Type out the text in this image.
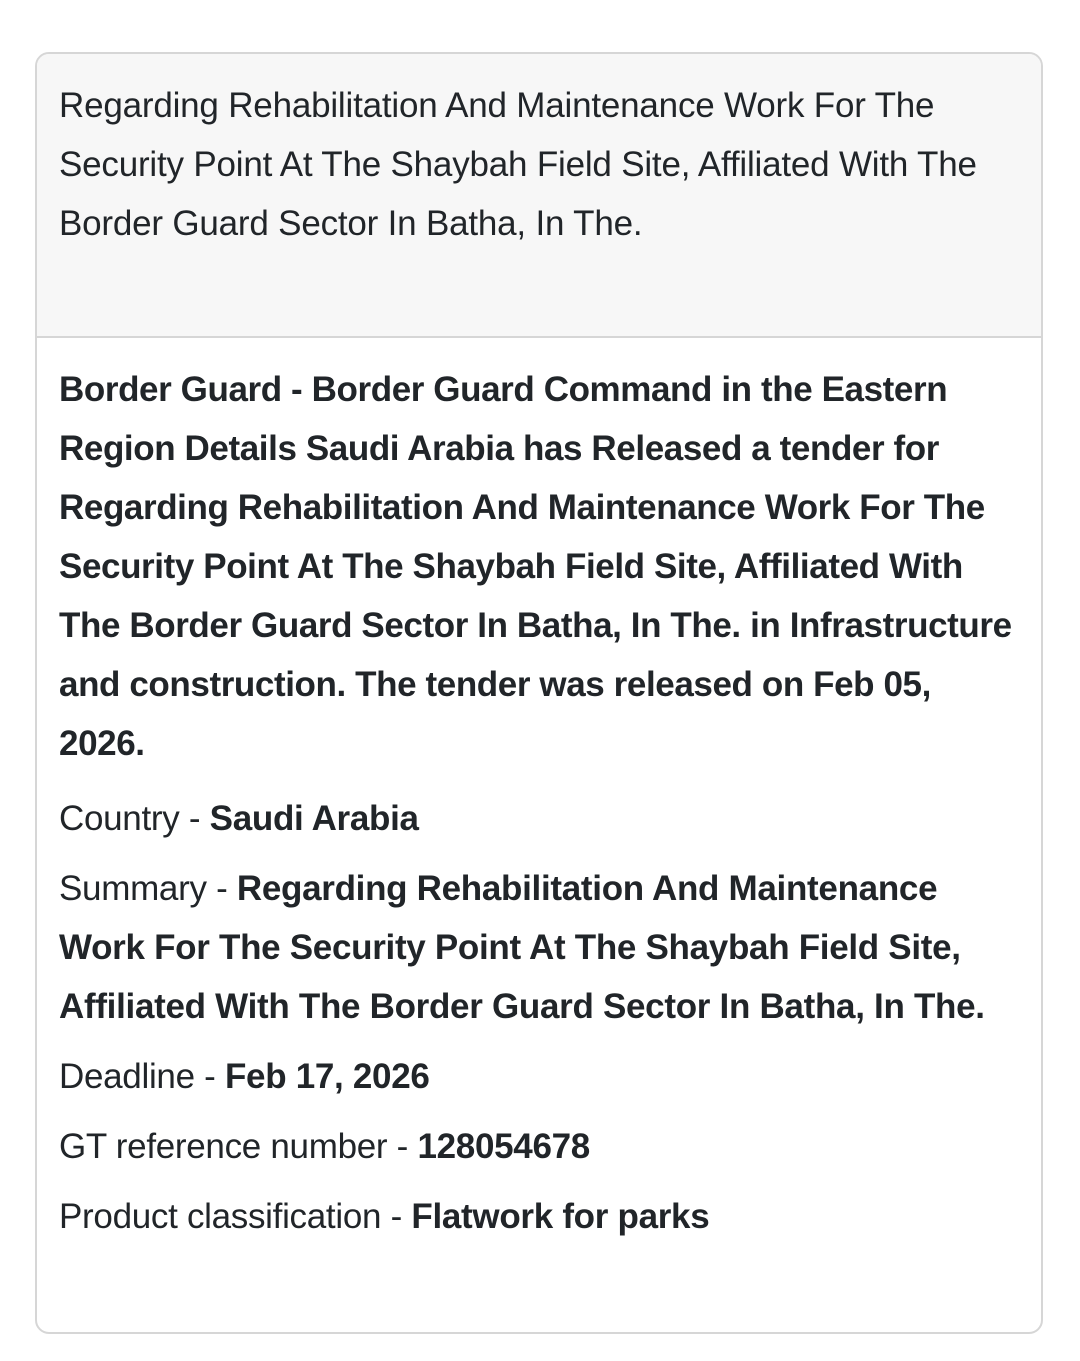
Regarding Rehabilitation And Maintenance Work For The Security Point At The Shaybah Field Site, Affiliated With The Border Guard Sector In Batha, In The.

Border Guard - Border Guard Command in the Eastern Region Details Saudi Arabia has Released a tender for Regarding Rehabilitation And Maintenance Work For The Security Point At The Shaybah Field Site, Affiliated With The Border Guard Sector In Batha, In The. in Infrastructure and construction. The tender was released on Feb 05, 2026.

Country - Saudi Arabia
Summary - Regarding Rehabilitation And Maintenance Work For The Security Point At The Shaybah Field Site, Affiliated With The Border Guard Sector In Batha, In The.
Deadline - Feb 17, 2026
GT reference number - 128054678
Product classification - Flatwork for parks
